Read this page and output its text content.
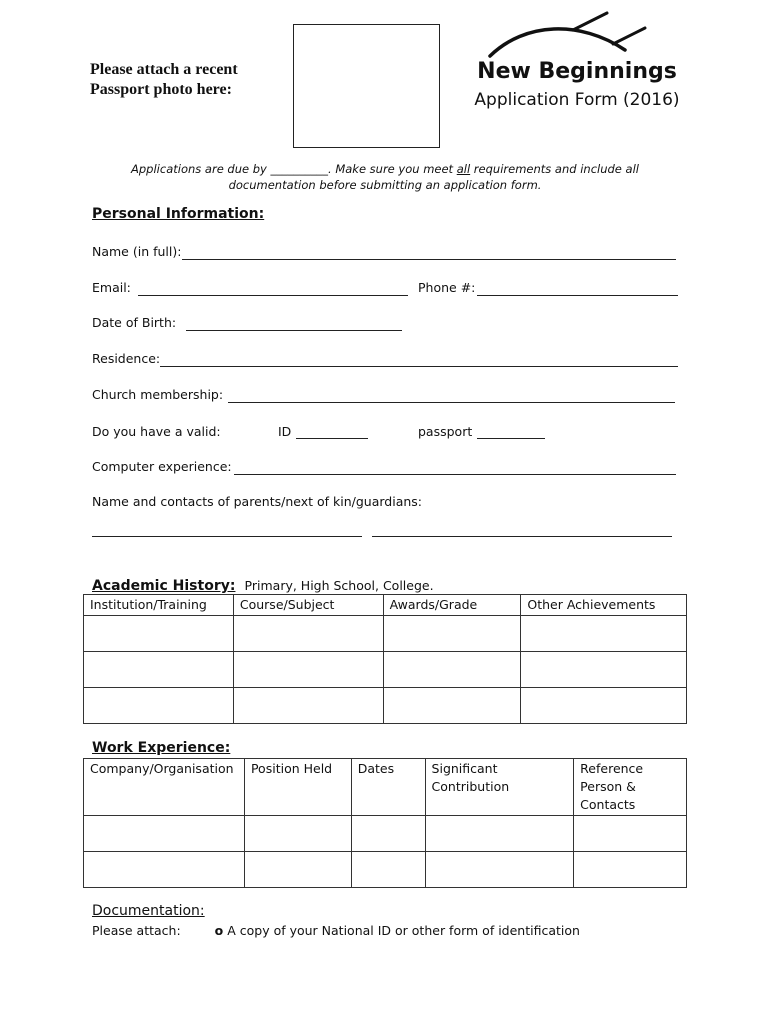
Please attach a recent
Passport photo here:
New Beginnings
Application Form (2016)
Applications are due by __________. Make sure you meet all requirements and include all
documentation before submitting an application form.
Personal Information:
Name (in full):
Email:	Phone #:
Date of Birth:
Residence:
Church membership:
Do you have a valid:	ID	passport
Computer experience:
Name and contacts of parents/next of kin/guardians:
Academic History: Primary, High School, College.
Institution/Training	Course/Subject	Awards/Grade	Other Achievements

Work Experience:
Company/Organisation	Position Held	Dates	Significant Contribution	Reference Person & Contacts

Documentation:
Please attach:	o A copy of your National ID or other form of identification
